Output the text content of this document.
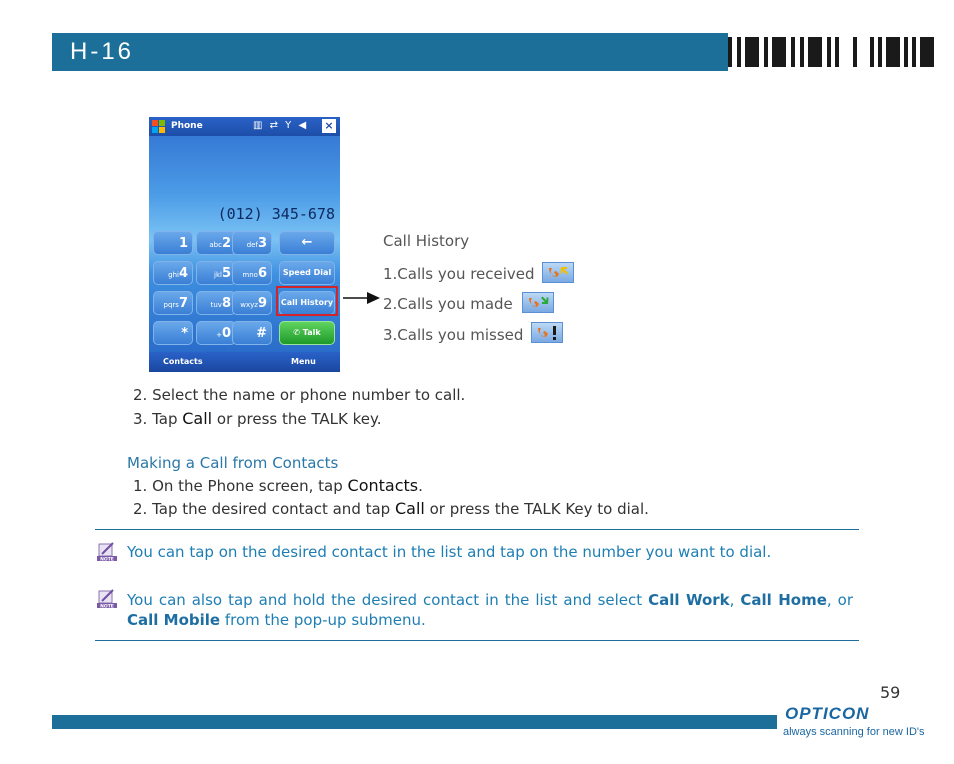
H-16
Phone	▥ ⇄ Y ◀ ×
(012) 345-678
1	abc2	def3	←
ghi4	jkl5	mno6	Speed Dial
pqrs7	tuv8	wxyz9	Call History
*	+0	#	✆ Talk
Contacts	Menu
Call History
1.Calls you received
2.Calls you made
3.Calls you missed
2. Select the name or phone number to call.
3. Tap Call or press the TALK key.
Making a Call from Contacts
1. On the Phone screen, tap Contacts.
2. Tap the desired contact and tap Call or press the TALK Key to dial.
NOTE You can tap on the desired contact in the list and tap on the number you want to dial.
NOTE You can also tap and hold the desired contact in the list and select Call Work, Call Home, or Call Mobile from the pop-up submenu.
59
OPTICON
always scanning for new ID's
